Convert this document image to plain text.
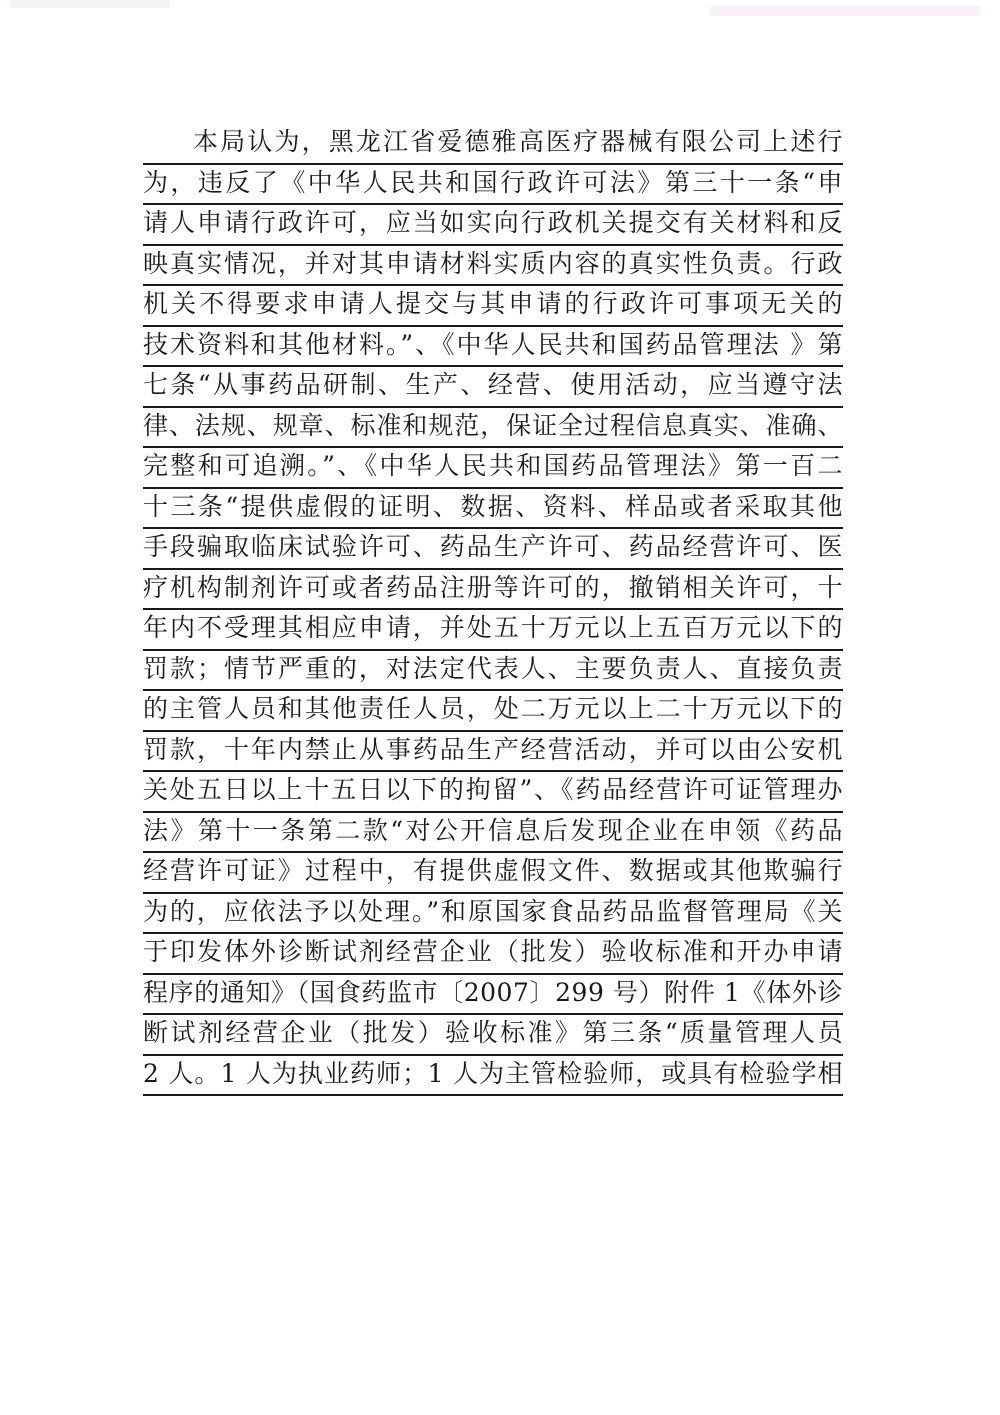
本局认为，黑龙江省爱德雅高医疗器械有限公司上述行
为，违反了《中华人民共和国行政许可法》第三十一条“申
请人申请行政许可，应当如实向行政机关提交有关材料和反
映真实情况，并对其申请材料实质内容的真实性负责。行政
机关不得要求申请人提交与其申请的行政许可事项无关的
技术资料和其他材料。”、《中华人民共和国药品管理法 》第
七条“从事药品研制、生产、经营、使用活动，应当遵守法
律、法规、规章、标准和规范，保证全过程信息真实、准确、
完整和可追溯。”、《中华人民共和国药品管理法》第一百二
十三条“提供虚假的证明、数据、资料、样品或者采取其他
手段骗取临床试验许可、药品生产许可、药品经营许可、医
疗机构制剂许可或者药品注册等许可的，撤销相关许可，十
年内不受理其相应申请，并处五十万元以上五百万元以下的
罚款；情节严重的，对法定代表人、主要负责人、直接负责
的主管人员和其他责任人员，处二万元以上二十万元以下的
罚款，十年内禁止从事药品生产经营活动，并可以由公安机
关处五日以上十五日以下的拘留”、《药品经营许可证管理办
法》第十一条第二款“对公开信息后发现企业在申领《药品
经营许可证》过程中，有提供虚假文件、数据或其他欺骗行
为的，应依法予以处理。”和原国家食品药品监督管理局《关
于印发体外诊断试剂经营企业（批发）验收标准和开办申请
程序的通知》（国食药监市〔2007〕299 号）附件 1《体外诊
断试剂经营企业（批发）验收标准》第三条“质量管理人员
2 人。1 人为执业药师；1 人为主管检验师，或具有检验学相
